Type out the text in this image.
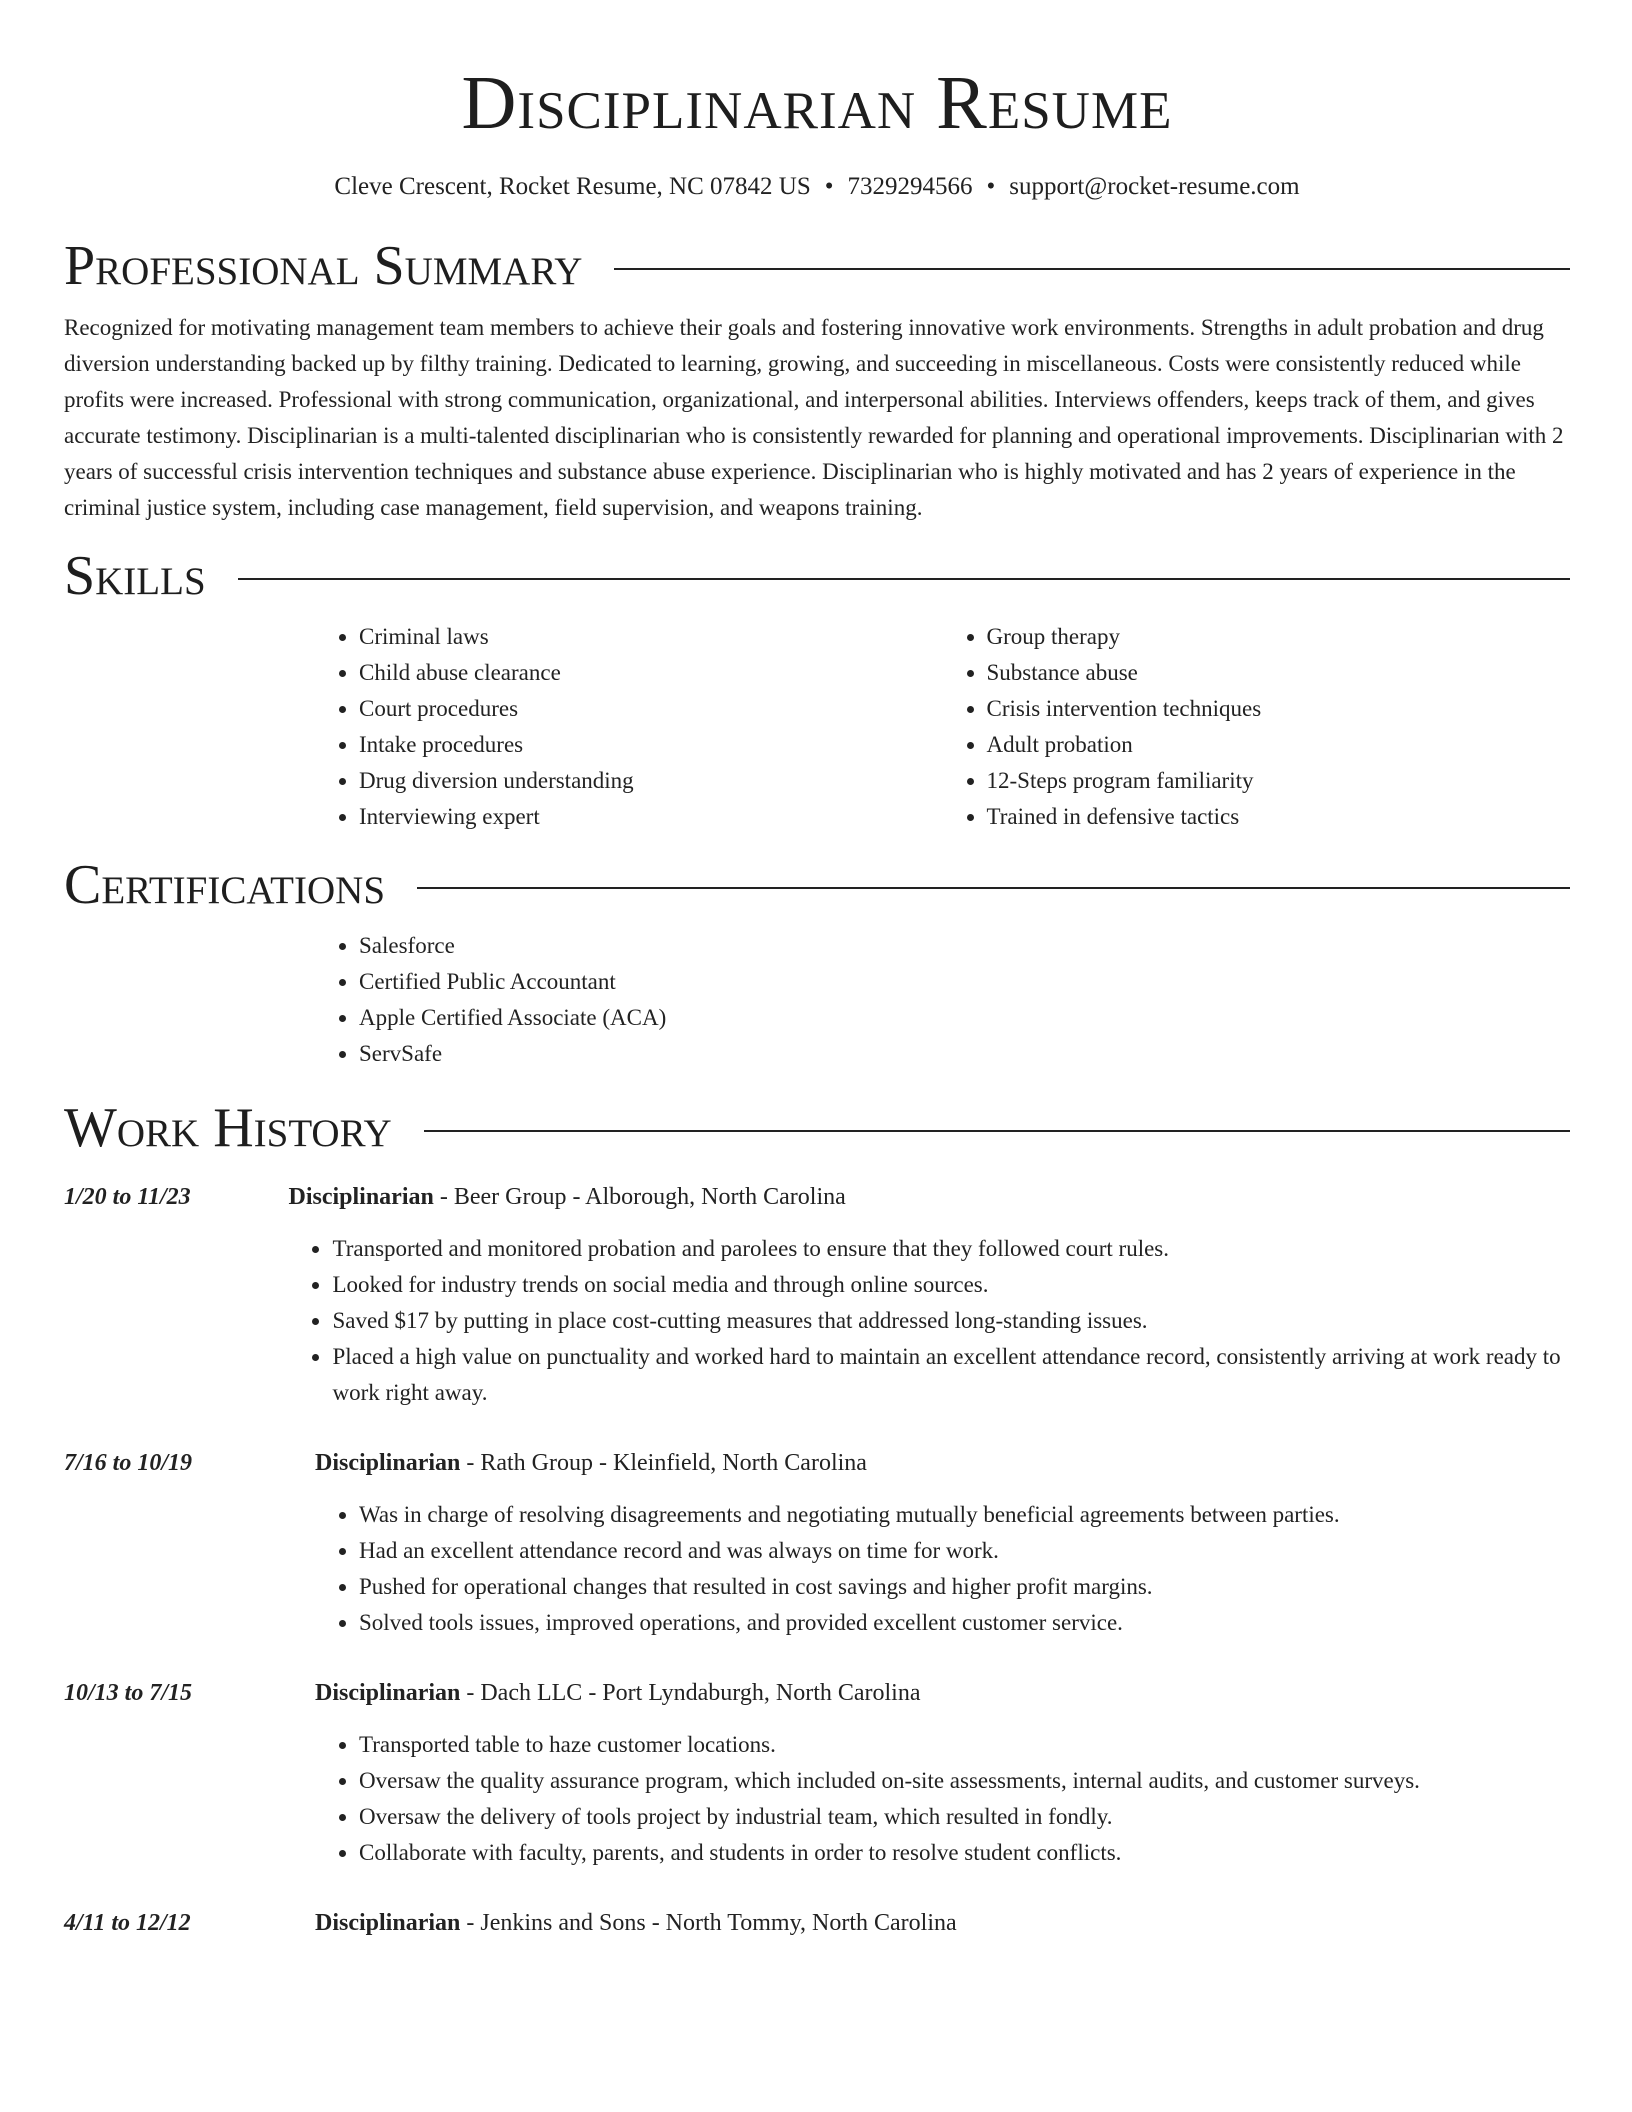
Disciplinarian Resume
Cleve Crescent, Rocket Resume, NC 07842 US • 7329294566 • support@rocket-resume.com
Professional Summary

Recognized for motivating management team members to achieve their goals and fostering innovative work environments. Strengths in adult probation and drug diversion understanding backed up by filthy training. Dedicated to learning, growing, and succeeding in miscellaneous. Costs were consistently reduced while profits were increased. Professional with strong communication, organizational, and interpersonal abilities. Interviews offenders, keeps track of them, and gives accurate testimony. Disciplinarian is a multi-talented disciplinarian who is consistently rewarded for planning and operational improvements. Disciplinarian with 2 years of successful crisis intervention techniques and substance abuse experience. Disciplinarian who is highly motivated and has 2 years of experience in the criminal justice system, including case management, field supervision, and weapons training.

Skills
• Criminal laws
• Child abuse clearance
• Court procedures
• Intake procedures
• Drug diversion understanding
• Interviewing expert
• Group therapy
• Substance abuse
• Crisis intervention techniques
• Adult probation
• 12-Steps program familiarity
• Trained in defensive tactics
Certifications
• Salesforce
• Certified Public Accountant
• Apple Certified Associate (ACA)
• ServSafe
Work History
1/20 to 11/23	Disciplinarian - Beer Group - Alborough, North Carolina
• Transported and monitored probation and parolees to ensure that they followed court rules.
• Looked for industry trends on social media and through online sources.
• Saved $17 by putting in place cost-cutting measures that addressed long-standing issues.
• Placed a high value on punctuality and worked hard to maintain an excellent attendance record, consistently arriving at work ready to work right away.
7/16 to 10/19	Disciplinarian - Rath Group - Kleinfield, North Carolina
• Was in charge of resolving disagreements and negotiating mutually beneficial agreements between parties.
• Had an excellent attendance record and was always on time for work.
• Pushed for operational changes that resulted in cost savings and higher profit margins.
• Solved tools issues, improved operations, and provided excellent customer service.
10/13 to 7/15	Disciplinarian - Dach LLC - Port Lyndaburgh, North Carolina
• Transported table to haze customer locations.
• Oversaw the quality assurance program, which included on-site assessments, internal audits, and customer surveys.
• Oversaw the delivery of tools project by industrial team, which resulted in fondly.
• Collaborate with faculty, parents, and students in order to resolve student conflicts.
4/11 to 12/12	Disciplinarian - Jenkins and Sons - North Tommy, North Carolina
